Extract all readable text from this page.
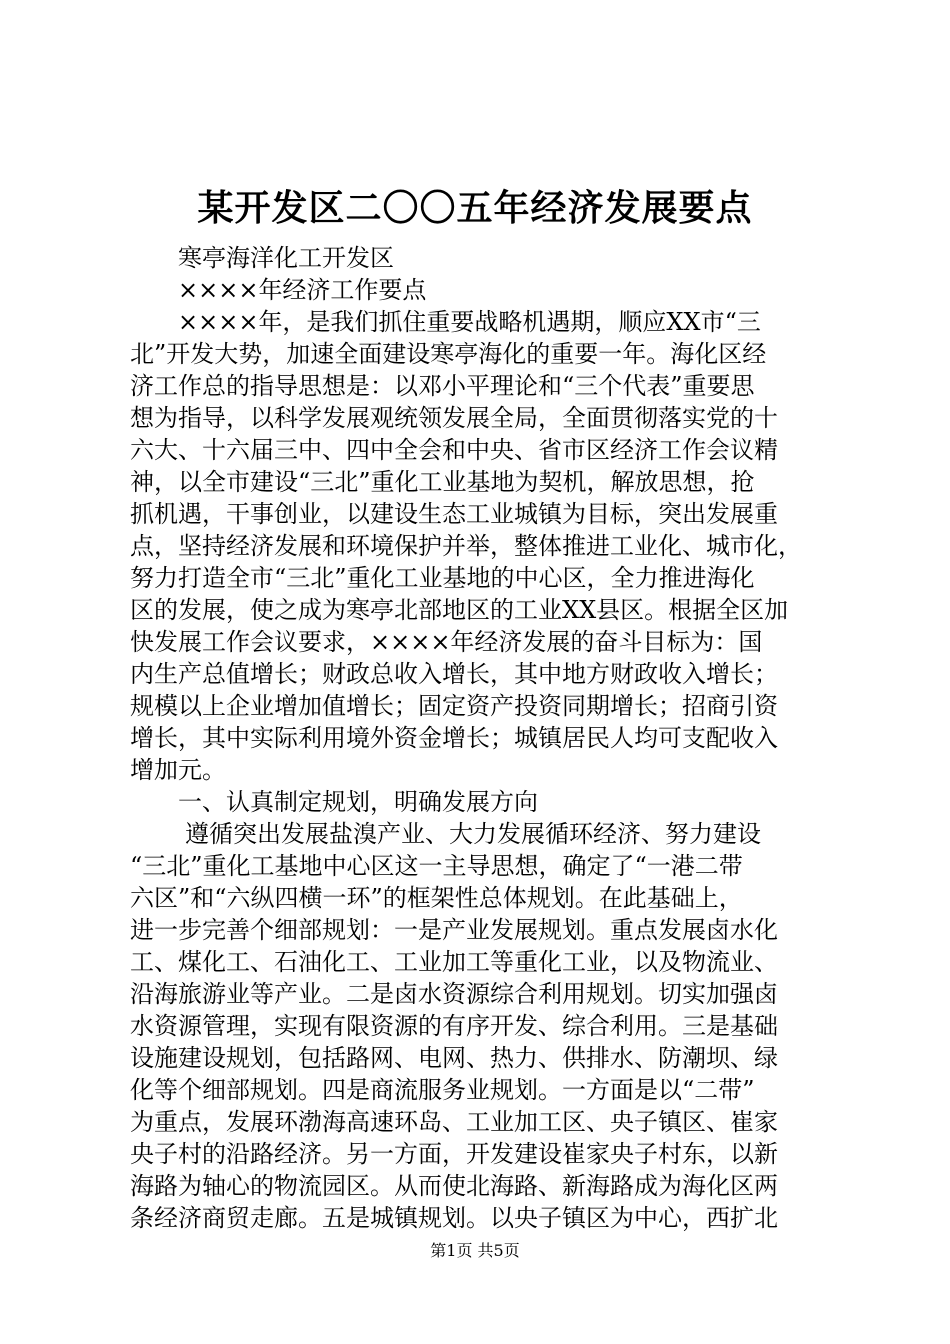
某开发区二〇〇五年经济发展要点
寒亭海洋化工开发区
××××年经济工作要点
××××年，是我们抓住重要战略机遇期，顺应XX市“三
北”开发大势，加速全面建设寒亭海化的重要一年。海化区经
济工作总的指导思想是：以邓小平理论和“三个代表”重要思
想为指导，以科学发展观统领发展全局，全面贯彻落实党的十
六大、十六届三中、四中全会和中央、省市区经济工作会议精
神，以全市建设“三北”重化工业基地为契机，解放思想，抢
抓机遇，干事创业，以建设生态工业城镇为目标，突出发展重
点，坚持经济发展和环境保护并举，整体推进工业化、城市化，
努力打造全市“三北”重化工业基地的中心区，全力推进海化
区的发展，使之成为寒亭北部地区的工业XX县区。根据全区加
快发展工作会议要求，××××年经济发展的奋斗目标为：国
内生产总值增长；财政总收入增长，其中地方财政收入增长；
规模以上企业增加值增长；固定资产投资同期增长；招商引资
增长，其中实际利用境外资金增长；城镇居民人均可支配收入
增加元。
一、认真制定规划，明确发展方向
遵循突出发展盐溴产业、大力发展循环经济、努力建设
“三北”重化工基地中心区这一主导思想，确定了“一港二带
六区”和“六纵四横一环”的框架性总体规划。在此基础上，
进一步完善个细部规划：一是产业发展规划。重点发展卤水化
工、煤化工、石油化工、工业加工等重化工业，以及物流业、
沿海旅游业等产业。二是卤水资源综合利用规划。切实加强卤
水资源管理，实现有限资源的有序开发、综合利用。三是基础
设施建设规划，包括路网、电网、热力、供排水、防潮坝、绿
化等个细部规划。四是商流服务业规划。一方面是以“二带”
为重点，发展环渤海高速环岛、工业加工区、央子镇区、崔家
央子村的沿路经济。另一方面，开发建设崔家央子村东，以新
海路为轴心的物流园区。从而使北海路、新海路成为海化区两
条经济商贸走廊。五是城镇规划。以央子镇区为中心，西扩北
第1页 共5页
